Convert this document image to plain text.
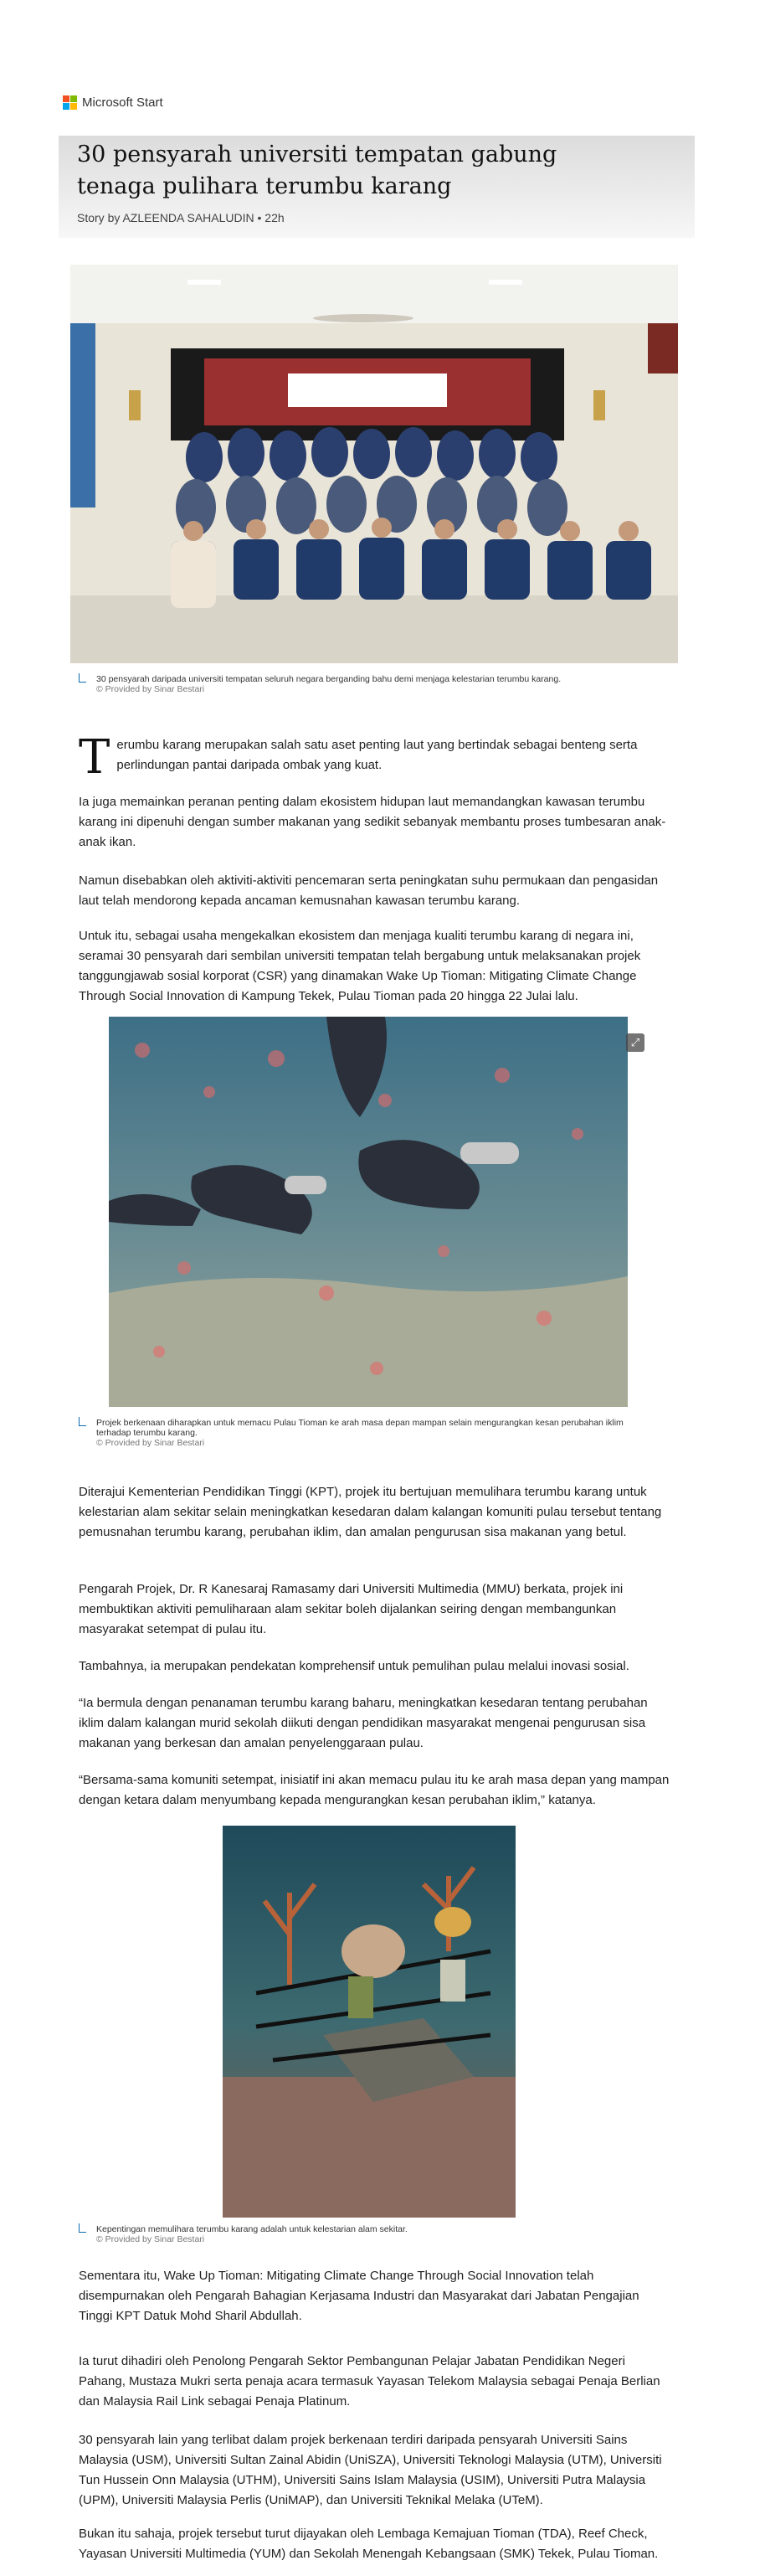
Microsoft Start
30 pensyarah universiti tempatan gabung tenaga pulihara terumbu karang
Story by AZLEENDA SAHALUDIN • 22h
30 pensyarah daripada universiti tempatan seluruh negara berganding bahu demi menjaga kelestarian terumbu karang.
© Provided by Sinar Bestari

Terumbu karang merupakan salah satu aset penting laut yang bertindak sebagai benteng serta perlindungan pantai daripada ombak yang kuat.

Ia juga memainkan peranan penting dalam ekosistem hidupan laut memandangkan kawasan terumbu karang ini dipenuhi dengan sumber makanan yang sedikit sebanyak membantu proses tumbesaran anak-anak ikan.

Namun disebabkan oleh aktiviti-aktiviti pencemaran serta peningkatan suhu permukaan dan pengasidan laut telah mendorong kepada ancaman kemusnahan kawasan terumbu karang.

Untuk itu, sebagai usaha mengekalkan ekosistem dan menjaga kualiti terumbu karang di negara ini, seramai 30 pensyarah dari sembilan universiti tempatan telah bergabung untuk melaksanakan projek tanggungjawab sosial korporat (CSR) yang dinamakan Wake Up Tioman: Mitigating Climate Change Through Social Innovation di Kampung Tekek, Pulau Tioman pada 20 hingga 22 Julai lalu.

⤢
Projek berkenaan diharapkan untuk memacu Pulau Tioman ke arah masa depan mampan selain mengurangkan kesan perubahan iklim
terhadap terumbu karang.
© Provided by Sinar Bestari

Diterajui Kementerian Pendidikan Tinggi (KPT), projek itu bertujuan memulihara terumbu karang untuk kelestarian alam sekitar selain meningkatkan kesedaran dalam kalangan komuniti pulau tersebut tentang pemusnahan terumbu karang, perubahan iklim, dan amalan pengurusan sisa makanan yang betul.

Pengarah Projek, Dr. R Kanesaraj Ramasamy dari Universiti Multimedia (MMU) berkata, projek ini membuktikan aktiviti pemuliharaan alam sekitar boleh dijalankan seiring dengan membangunkan masyarakat setempat di pulau itu.

Tambahnya, ia merupakan pendekatan komprehensif untuk pemulihan pulau melalui inovasi sosial.

“Ia bermula dengan penanaman terumbu karang baharu, meningkatkan kesedaran tentang perubahan iklim dalam kalangan murid sekolah diikuti dengan pendidikan masyarakat mengenai pengurusan sisa makanan yang berkesan dan amalan penyelenggaraan pulau.

“Bersama-sama komuniti setempat, inisiatif ini akan memacu pulau itu ke arah masa depan yang mampan dengan ketara dalam menyumbang kepada mengurangkan kesan perubahan iklim,” katanya.

Kepentingan memulihara terumbu karang adalah untuk kelestarian alam sekitar.
© Provided by Sinar Bestari

Sementara itu, Wake Up Tioman: Mitigating Climate Change Through Social Innovation telah disempurnakan oleh Pengarah Bahagian Kerjasama Industri dan Masyarakat dari Jabatan Pengajian Tinggi KPT Datuk Mohd Sharil Abdullah.

Ia turut dihadiri oleh Penolong Pengarah Sektor Pembangunan Pelajar Jabatan Pendidikan Negeri Pahang, Mustaza Mukri serta penaja acara termasuk Yayasan Telekom Malaysia sebagai Penaja Berlian dan Malaysia Rail Link sebagai Penaja Platinum.

30 pensyarah lain yang terlibat dalam projek berkenaan terdiri daripada pensyarah Universiti Sains Malaysia (USM), Universiti Sultan Zainal Abidin (UniSZA), Universiti Teknologi Malaysia (UTM), Universiti Tun Hussein Onn Malaysia (UTHM), Universiti Sains Islam Malaysia (USIM), Universiti Putra Malaysia (UPM), Universiti Malaysia Perlis (UniMAP), dan Universiti Teknikal Melaka (UTeM).

Bukan itu sahaja, projek tersebut turut dijayakan oleh Lembaga Kemajuan Tioman (TDA), Reef Check, Yayasan Universiti Multimedia (YUM) dan Sekolah Menengah Kebangsaan (SMK) Tekek, Pulau Tioman.
